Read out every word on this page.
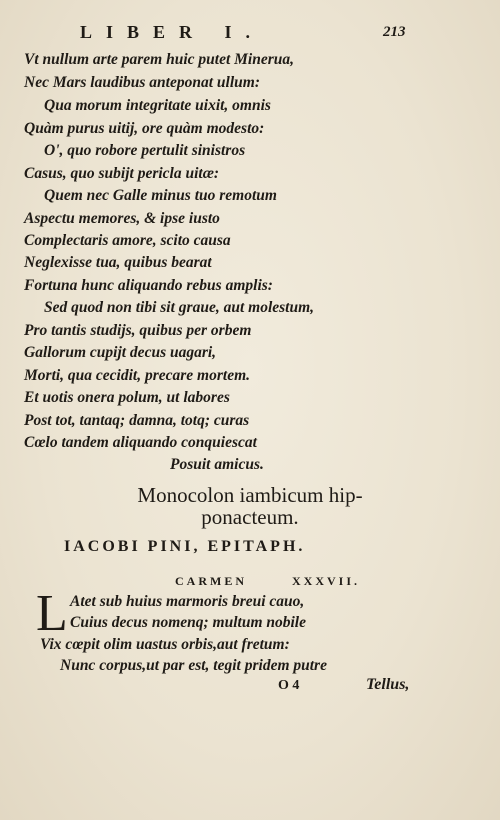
LIBER I.	213
Vt nullum arte parem huic putet Minerua,
Nec Mars laudibus anteponat ullum:
Qua morum integritate uixit, omnis
Quàm purus uitij, ore quàm modesto:
O', quo robore pertulit sinistros
Casus, quo subijt pericla uitæ:
Quem nec Galle minus tuo remotum
Aspectu memores, & ipse iusto
Complectaris amore, scito causa
Neglexisse tua, quibus bearat
Fortuna hunc aliquando rebus amplis:
Sed quod non tibi sit graue, aut molestum,
Pro tantis studijs, quibus per orbem
Gallorum cupijt decus uagari,
Morti, qua cecidit, precare mortem.
Et uotis onera polum, ut labores
Post tot, tantaq; damna, totq; curas
Cœlo tandem aliquando conquiescat
Posuit amicus.
Monocolon iambicum hip-
ponacteum.
IACOBI PINI, EPITAPH.
CARMEN	XXXVII.
L Atet sub huius marmoris breui cauo,
Cuius decus nomenq; multum nobile
Vix cœpit olim uastus orbis,aut fretum:
Nunc corpus,ut par est, tegit pridem putre
O 4	Tellus,
